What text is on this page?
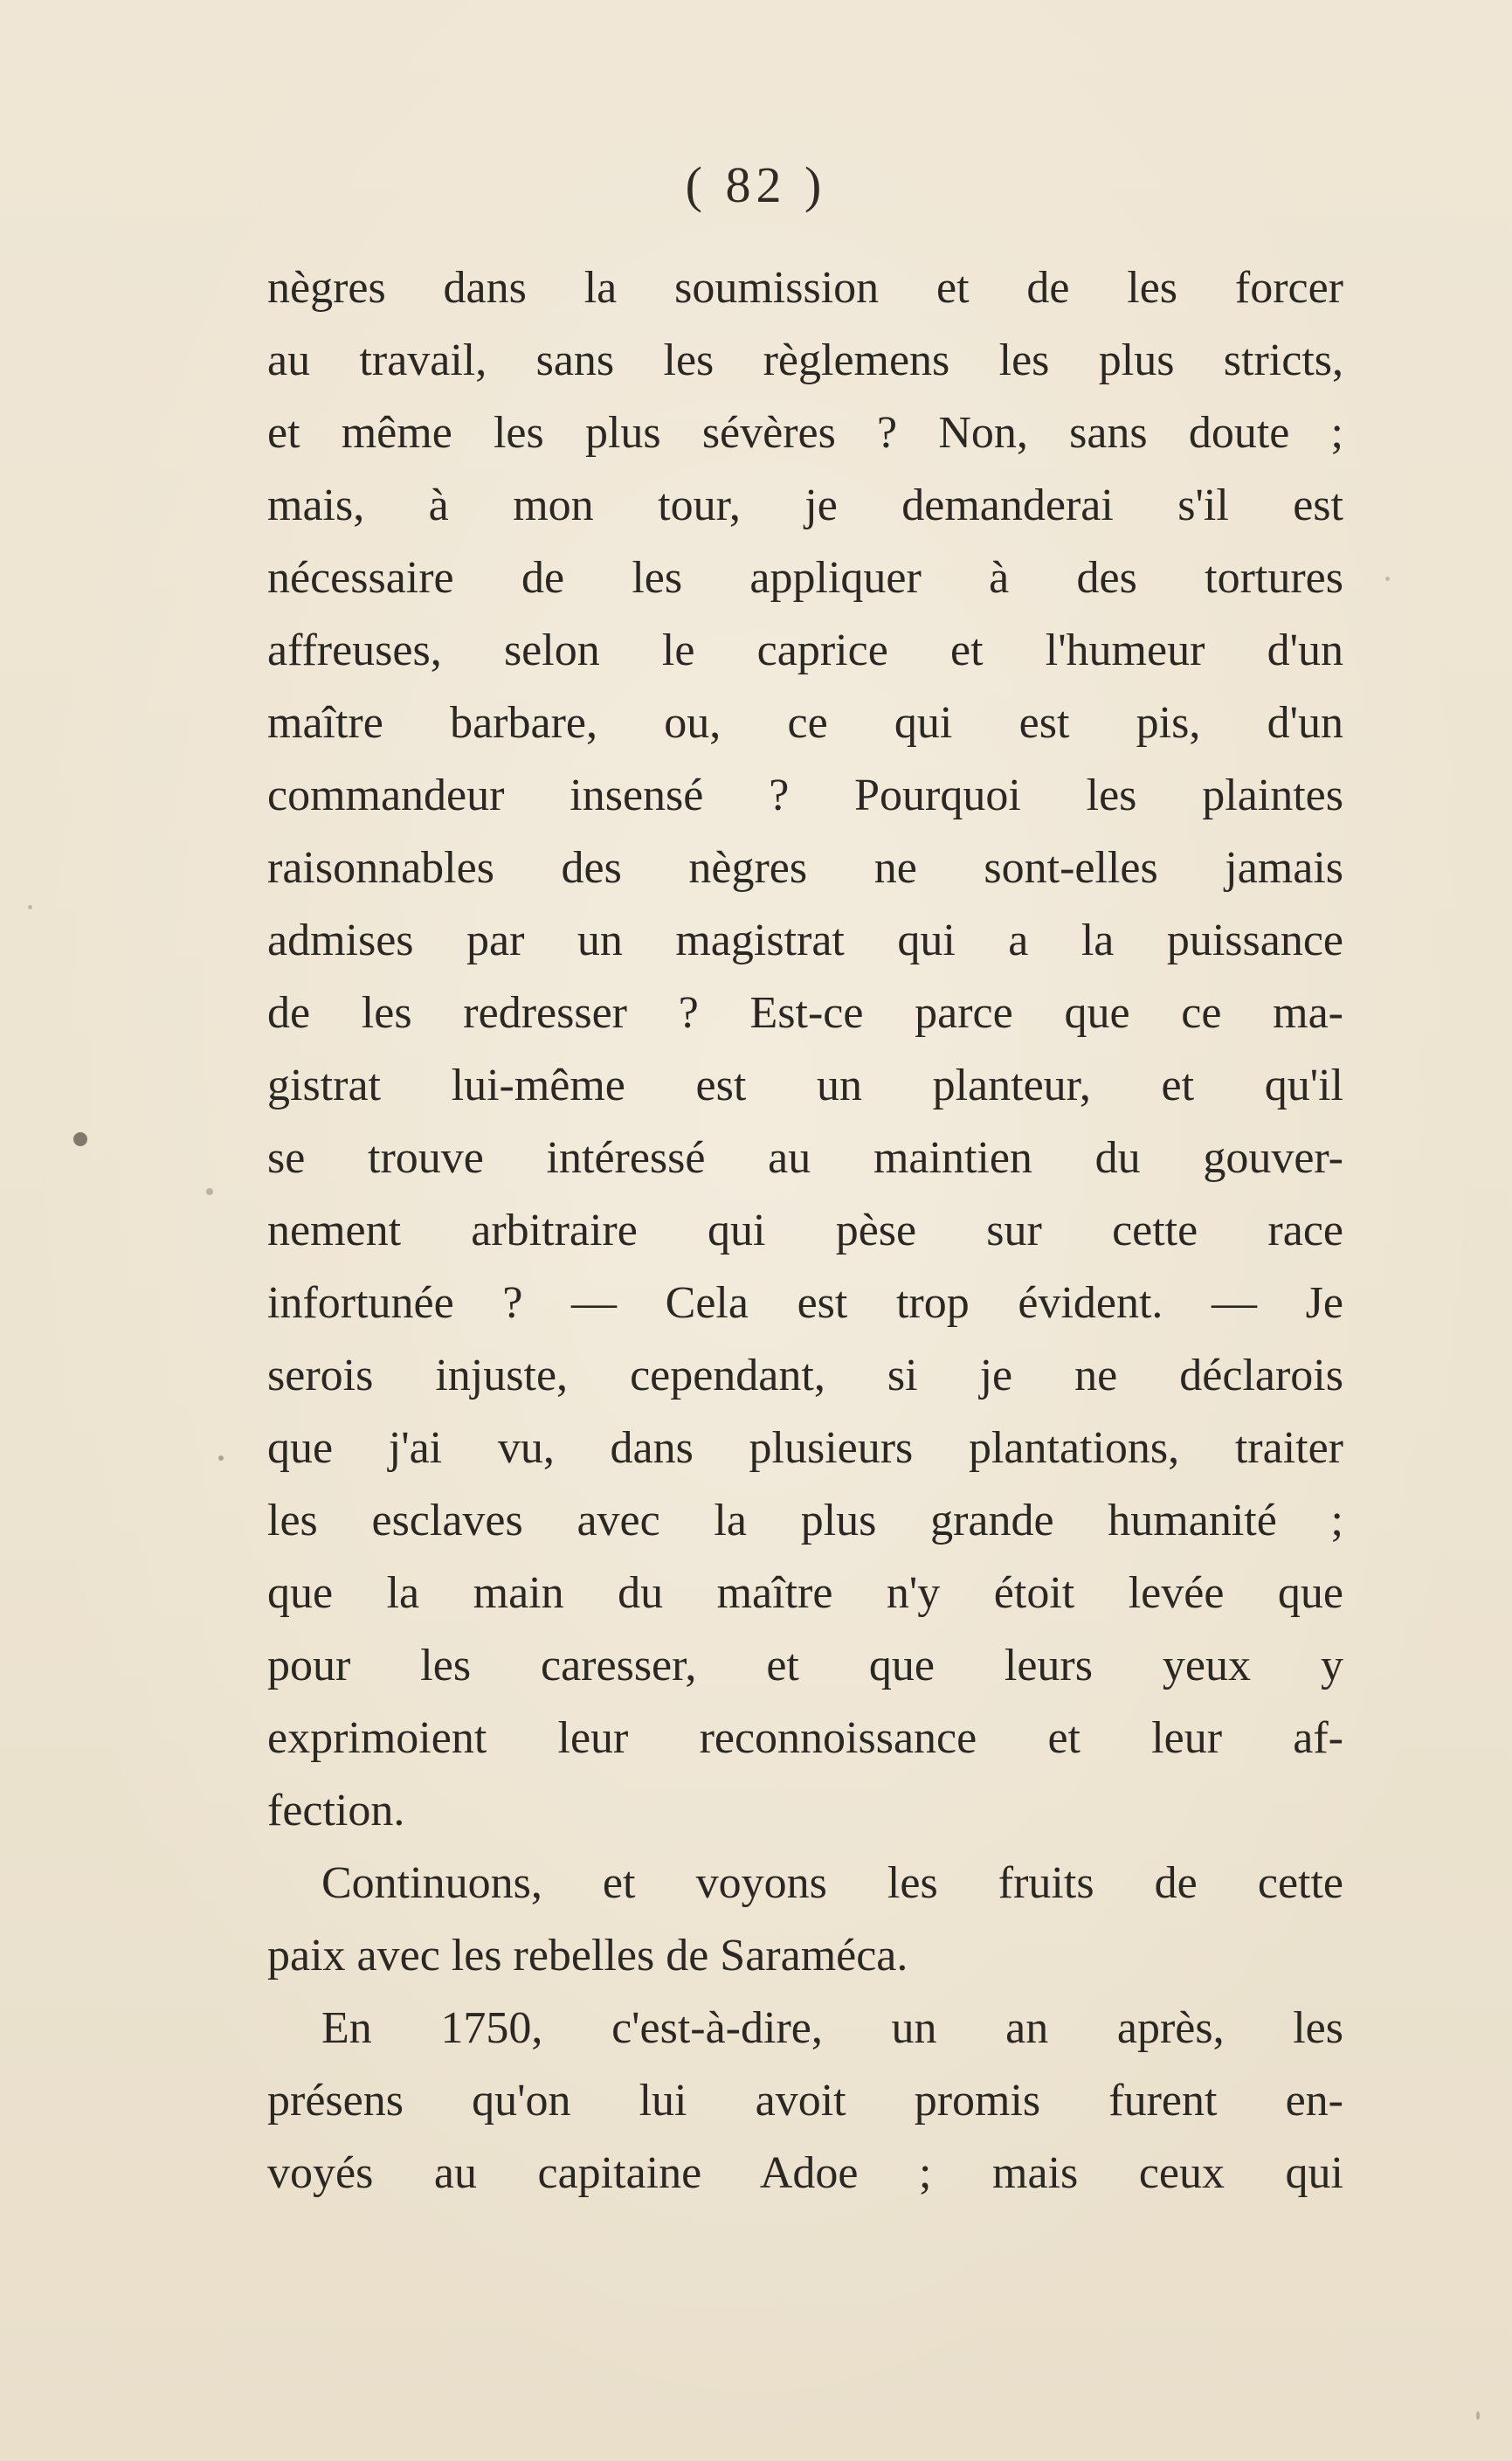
( 82 )
nègres dans la soumission et de les forcer
au travail, sans les règlemens les plus stricts,
et même les plus sévères ? Non, sans doute ;
mais, à mon tour, je demanderai s'il est
nécessaire de les appliquer à des tortures
affreuses, selon le caprice et l'humeur d'un
maître barbare, ou, ce qui est pis, d'un
commandeur insensé ? Pourquoi les plaintes
raisonnables des nègres ne sont-elles jamais
admises par un magistrat qui a la puissance
de les redresser ? Est-ce parce que ce ma-
gistrat lui-même est un planteur, et qu'il
se trouve intéressé au maintien du gouver-
nement arbitraire qui pèse sur cette race
infortunée ? — Cela est trop évident. — Je
serois injuste, cependant, si je ne déclarois
que j'ai vu, dans plusieurs plantations, traiter
les esclaves avec la plus grande humanité ;
que la main du maître n'y étoit levée que
pour les caresser, et que leurs yeux y
exprimoient leur reconnoissance et leur af-
fection.
Continuons, et voyons les fruits de cette
paix avec les rebelles de Saraméca.
En 1750, c'est-à-dire, un an après, les
présens qu'on lui avoit promis furent en-
voyés au capitaine Adoe ; mais ceux qui
